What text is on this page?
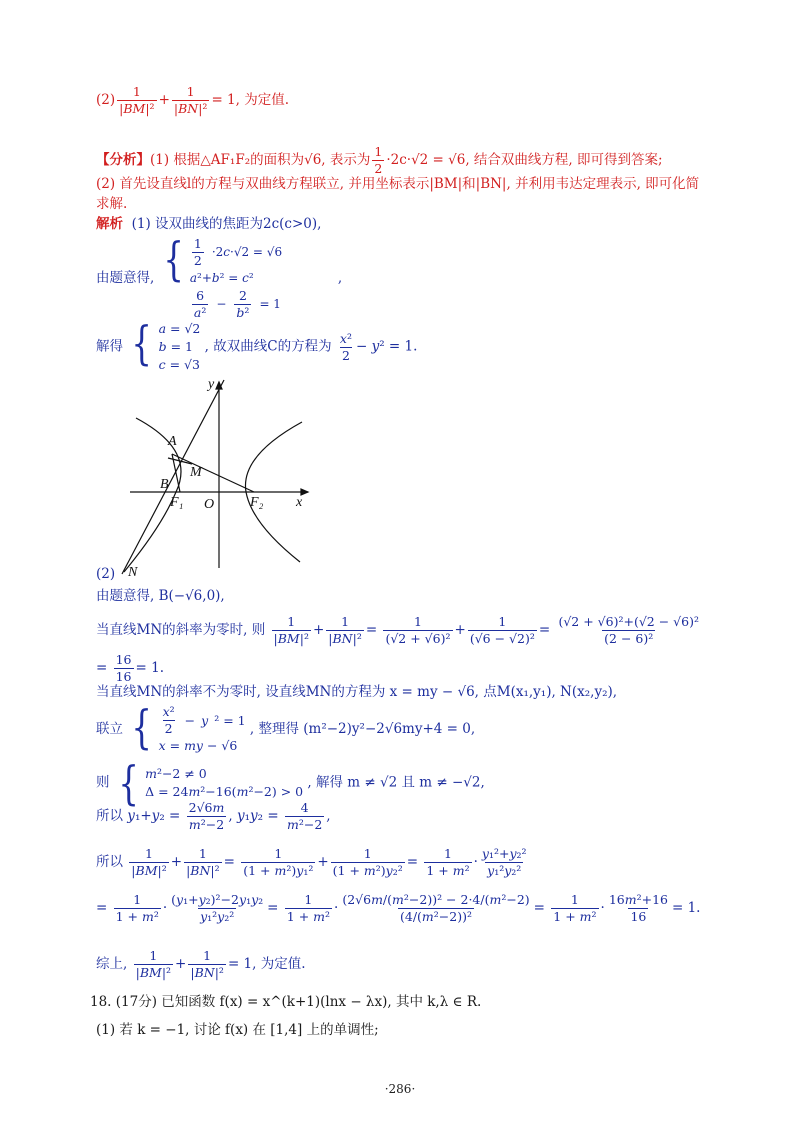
$(2) \frac{1}{\text{|BM|²}} + \frac{1}{\text{|BN|²}} = 1$, 为定值.
【分析】(1) 根据△AF₁F₂的面积为√6, 表示为 $\frac{1}{2} \cdot 2c\cdot√2 = √6$, 结合双曲线方程, 即可得到答案;
(2) 首先设直线l的方程与双曲线方程联立, 并用坐标表示|BM|和|BN|, 并利用韦达定理表示, 即可化简
求解.
解析 (1) 设双曲线的焦距为2c(c>0),
由题意得, { $\frac{1}{2} \cdot 2c\cdot√2 = √6$
a²+b² = c²
$\frac{6}{\text{a²}} - \frac{2}{\text{b²}} = 1$
,
解得 { a = √2
b = 1
c = √3
, 故双曲线C的方程为 $\frac{\text{x²}}{2} - y^2 = 1$.
y
x
A
M
B
F₁ O	F₂
N
(2)
由题意得, B(−√6,0),
当直线MN的斜率为零时, 则 $\frac{1}{\text{|BM|²}} + \frac{1}{\text{|BN|²}} = \frac{1}{\text{(√2 + √6)²}} + \frac{1}{\text{(√6 − √2)²}} = \frac{\text{(√2 + √6)²+(√2 − √6)²}}{\text{(2 − 6)²}}$
= $\frac{16}{16} = 1$.
当直线MN的斜率不为零时, 设直线MN的方程为 x = my − √6, 点M(x₁,y₁), N(x₂,y₂),
联立 { $\frac{\text{x²}}{2} - y$ ² = 1
x = my − √6
, 整理得 (m²−2)y²−2√6my+4 = 0,
则 { m²−2 ≠ 0
Δ = 24m²−16(m²−2) > 0
, 解得 m ≠ √2 且 m ≠ −√2,
所以 $y_1+y_2 = \frac{2√6m}{\text{m²−2}}$ , $y_1y_2 = \frac{4}{\text{m²−2}}$ ,
所以 $\frac{1}{\text{|BM|²}} + \frac{1}{\text{|BN|²}} = \frac{1}{\text{(1 + m²)y₁²}} + \frac{1}{\text{(1 + m²)y₂²}} = \frac{1}{\text{1 + m²}} \cdot \frac{\text{y₁²+y₂²}}{\text{y₁²y₂²}}$
= $\frac{1}{\text{1 + m²}} \cdot \frac{\text{(y₁+y₂)²−2y₁y₂}}{\text{y₁²y₂²}} = \frac{1}{\text{1 + m²}} \cdot \frac{\text{(2√6m/(m²−2))² − 2·4/(m²−2)}}{\text{(4/(m²−2))²}} = \frac{1}{\text{1 + m²}} \cdot \frac{\text{16m²+16}}{16} = 1$.
综上, $\frac{1}{\text{|BM|²}} + \frac{1}{\text{|BN|²}} = 1$, 为定值.
18. (17分) 已知函数 f(x) = x^(k+1)(lnx − λx), 其中 k,λ ∈ R.
(1) 若 k = −1, 讨论 f(x) 在 [1,4] 上的单调性;
·286·
